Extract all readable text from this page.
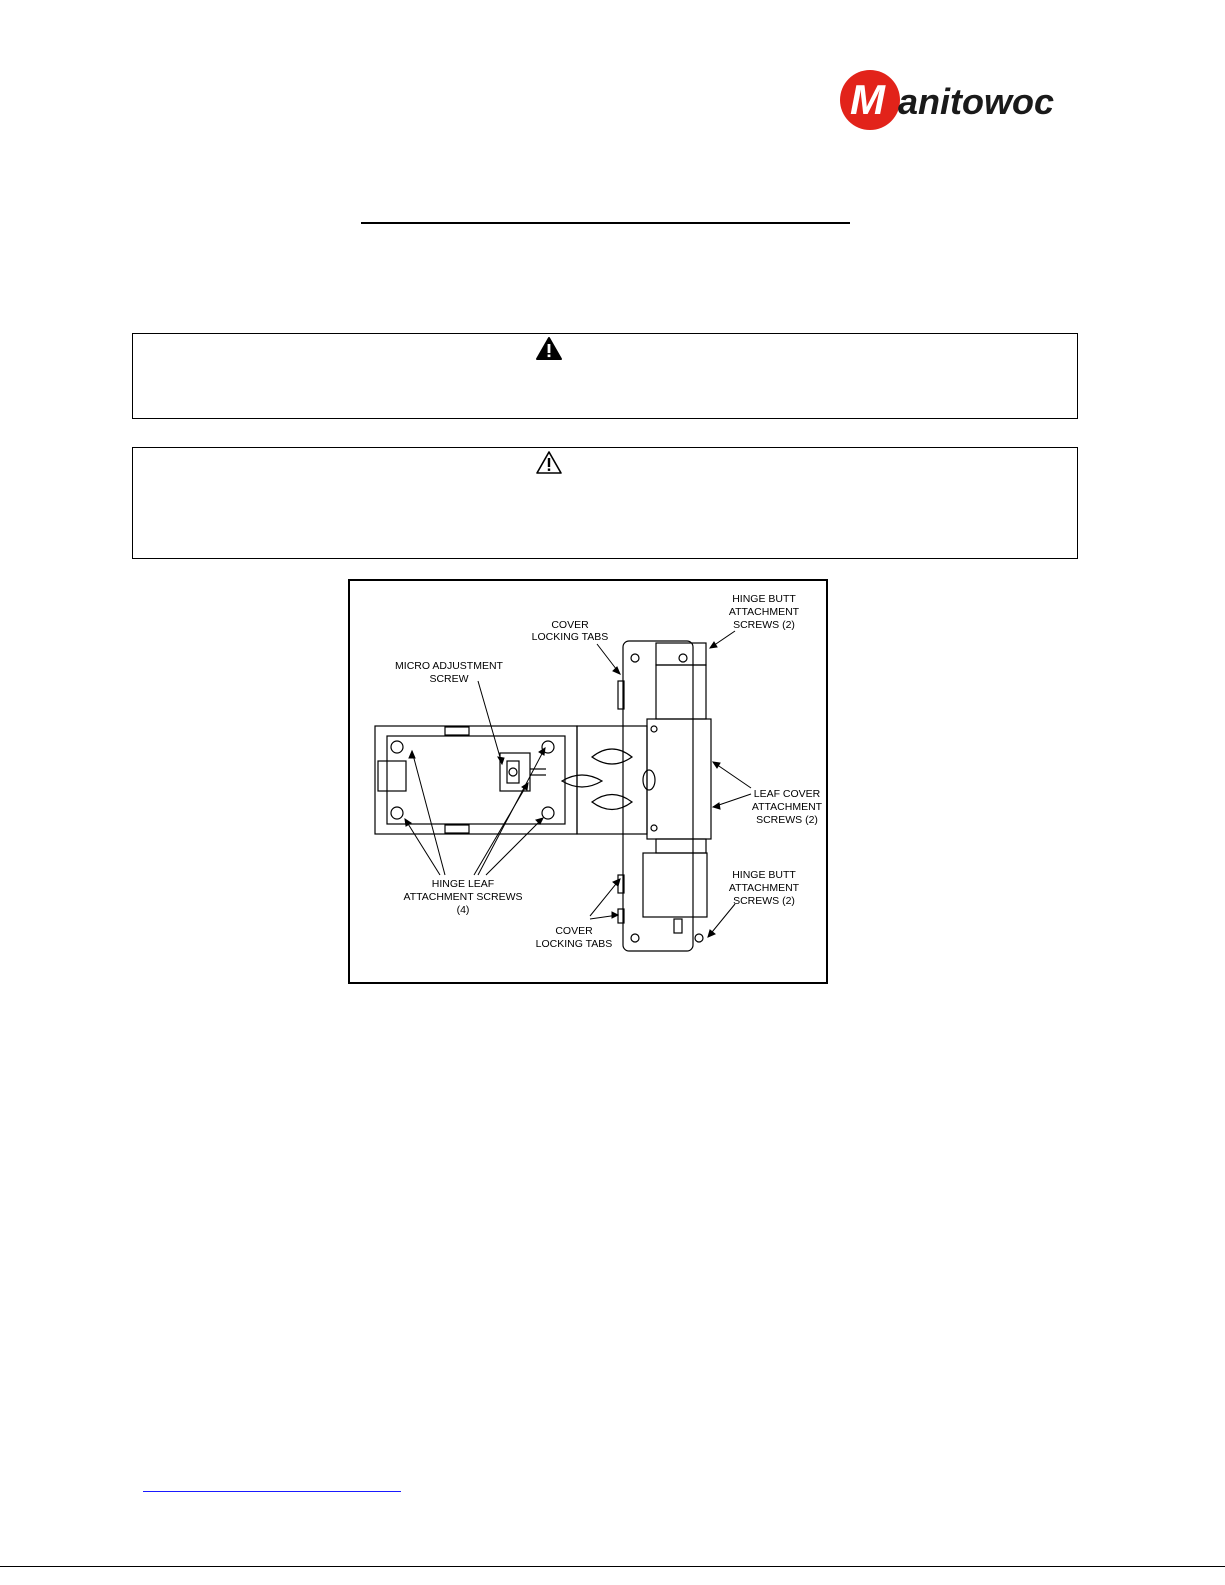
M anitowoc
COVER
LOCKING TABS
HINGE BUTT
ATTACHMENT
SCREWS (2)
MICRO ADJUSTMENT
SCREW
LEAF COVER
ATTACHMENT
SCREWS (2)
HINGE LEAF
ATTACHMENT SCREWS
(4)
HINGE BUTT
ATTACHMENT
SCREWS (2)
COVER
LOCKING TABS
